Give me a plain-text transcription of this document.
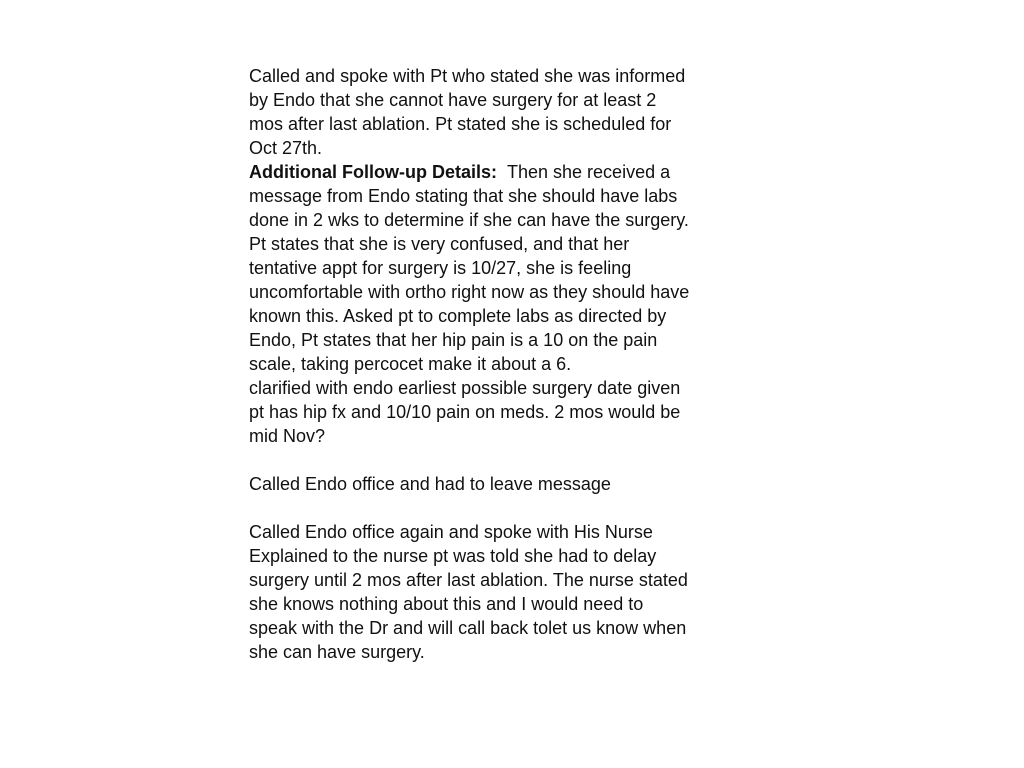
Called and spoke with Pt who stated she was informed
by Endo that she cannot have surgery for at least 2
mos after last ablation. Pt stated she is scheduled for
Oct 27th.
Additional Follow-up Details: Then she received a
message from Endo stating that she should have labs
done in 2 wks to determine if she can have the surgery.
Pt states that she is very confused, and that her
tentative appt for surgery is 10/27, she is feeling
uncomfortable with ortho right now as they should have
known this. Asked pt to complete labs as directed by
Endo, Pt states that her hip pain is a 10 on the pain
scale, taking percocet make it about a 6.
clarified with endo earliest possible surgery date given
pt has hip fx and 10/10 pain on meds. 2 mos would be
mid Nov?
Called Endo office and had to leave message
Called Endo office again and spoke with His Nurse
Explained to the nurse pt was told she had to delay
surgery until 2 mos after last ablation. The nurse stated
she knows nothing about this and I would need to
speak with the Dr and will call back tolet us know when
she can have surgery.
